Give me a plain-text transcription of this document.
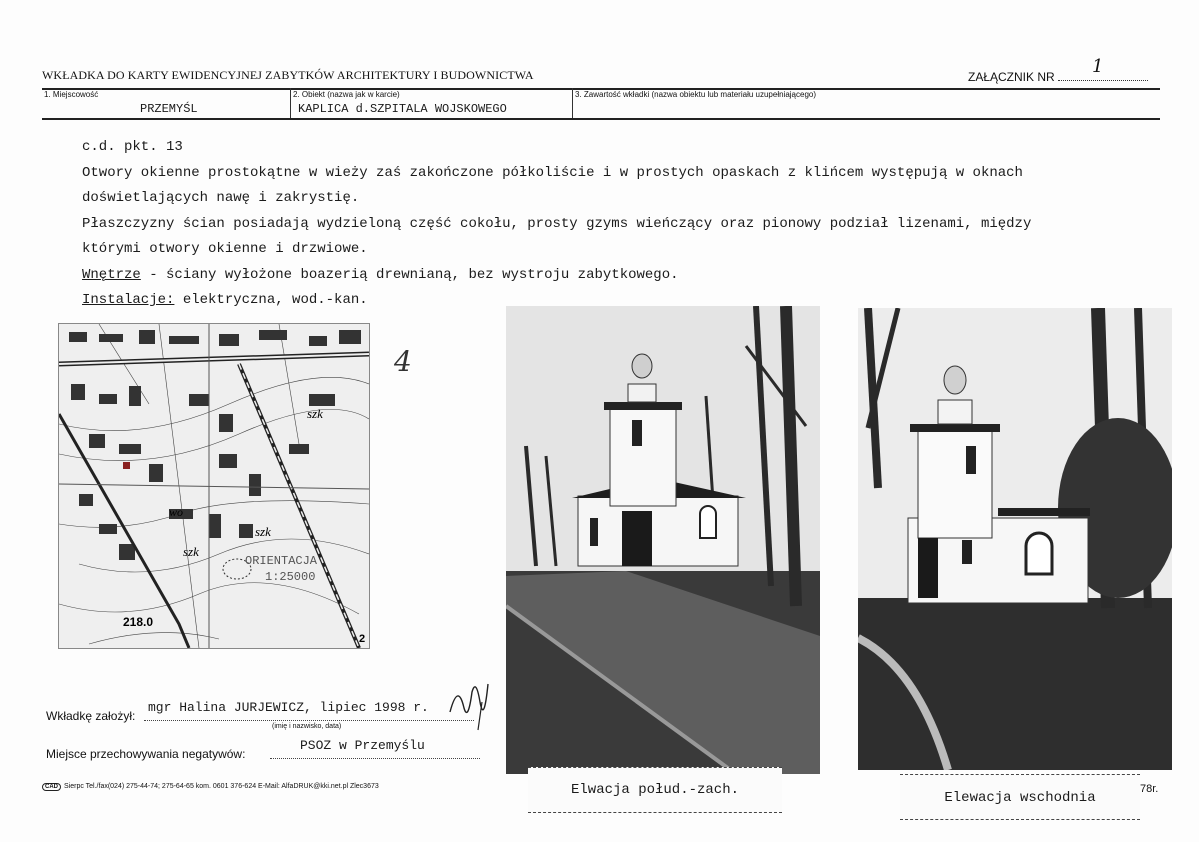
WKŁADKA DO KARTY EWIDENCYJNEJ ZABYTKÓW ARCHITEKTURY I BUDOWNICTWA	ZAŁĄCZNIK NR 1
1. Miejscowość
PRZEMYŚL
2. Obiekt (nazwa jak w karcie)
KAPLICA d.SZPITALA WOJSKOWEGO
3. Zawartość wkładki (nazwa obiektu lub materiału uzupełniającego)
c.d. pkt. 13
Otwory okienne prostokątne w wieży zaś zakończone półkoliście i w prostych opaskach z klińcem występują w oknach
doświetlających nawę i zakrystię.
Płaszczyzny ścian posiadają wydzieloną część cokołu, prosty gzyms wieńczący oraz pionowy podział lizenami, między
którymi otwory okienne i drzwiowe.
Wnętrze - ściany wyłożone boazerią drewnianą, bez wystroju zabytkowego.
Instalacje: elektryczna, wod.-kan.
szk
szk
szk
wo
218.0
ORIENTACJA
1:25000
2
4
Elwacja połud.-zach.	Elewacja wschodnia
78r.
Wkładkę założył:
mgr Halina JURJEWICZ, lipiec 1998 r.
(imię i nazwisko, data)
Miejsce przechowywania negatywów:
PSOZ w Przemyślu
CAD Sierpc Tel./fax(024) 275-44-74; 275-64-65 kom. 0601 376-624 E-Mail: AlfaDRUK@kki.net.pl Zlec3673
